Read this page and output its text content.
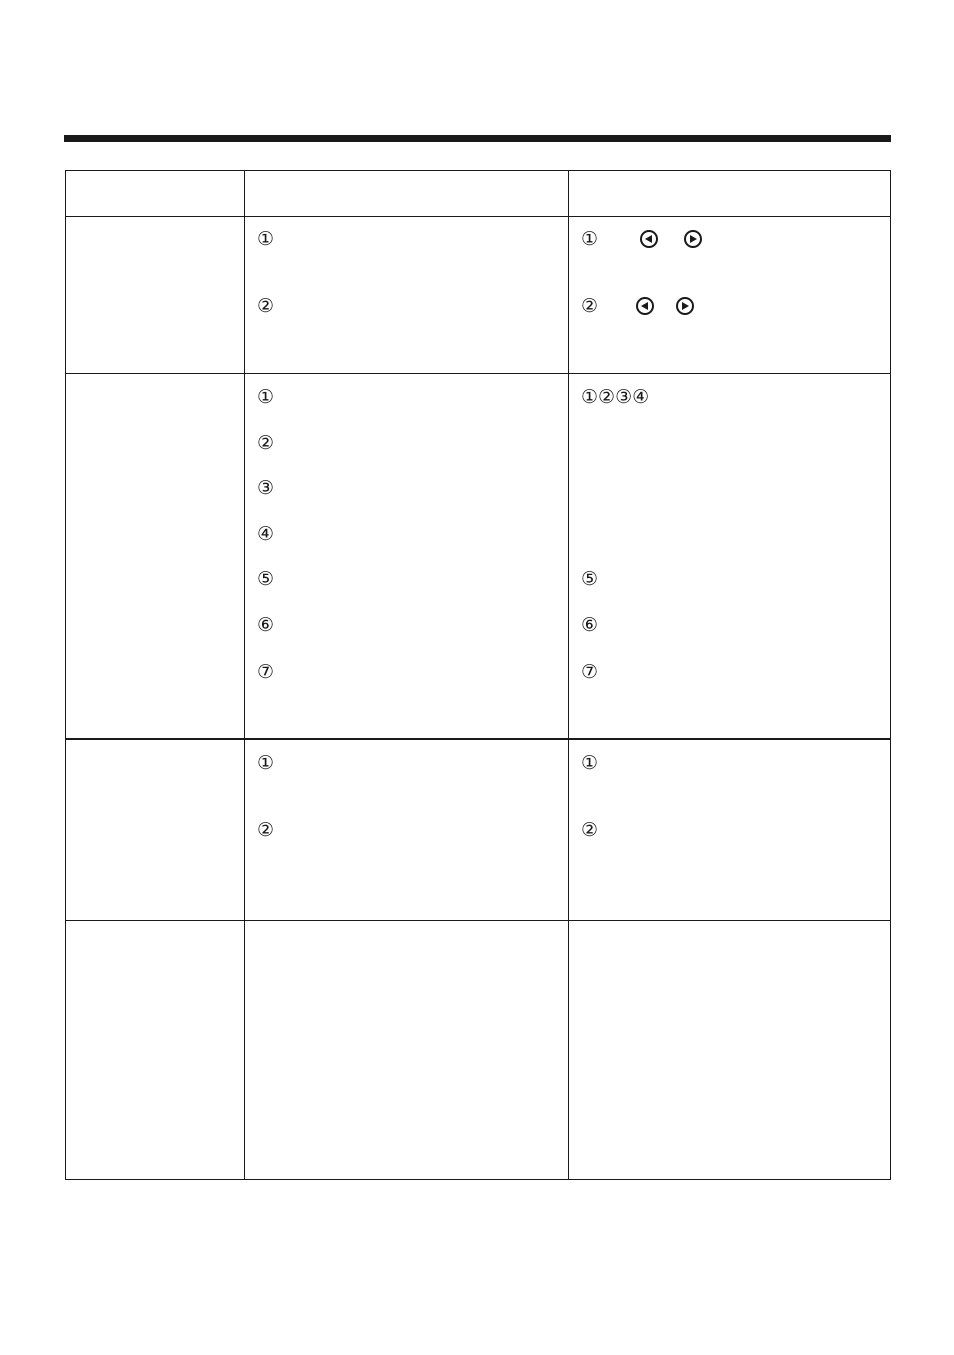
①
②
①
②
①
②
③
④
⑤
⑥
⑦
①②③④
⑤
⑥
⑦
①
②
①
②
